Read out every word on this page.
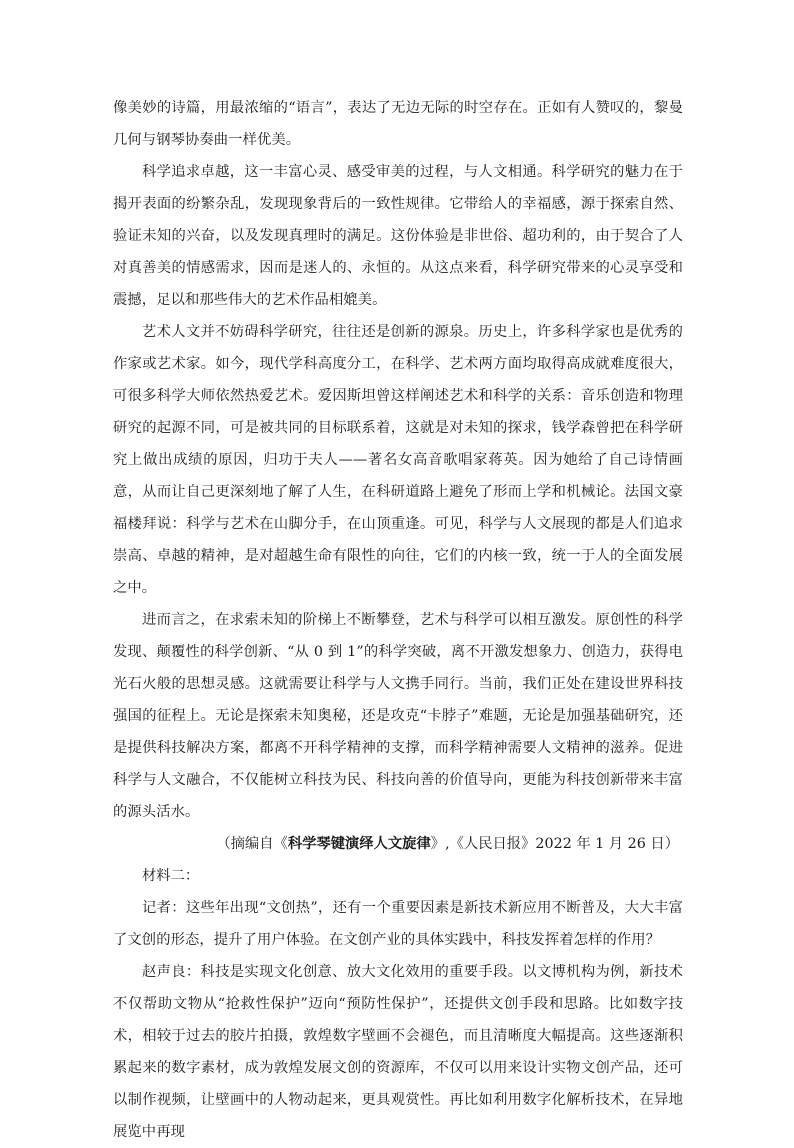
像美妙的诗篇，用最浓缩的“语言”，表达了无边无际的时空存在。正如有人赞叹的，黎曼几何与钢琴协奏曲一样优美。

科学追求卓越，这一丰富心灵、感受审美的过程，与人文相通。科学研究的魅力在于揭开表面的纷繁杂乱，发现现象背后的一致性规律。它带给人的幸福感，源于探索自然、验证未知的兴奋，以及发现真理时的满足。这份体验是非世俗、超功利的，由于契合了人对真善美的情感需求，因而是迷人的、永恒的。从这点来看，科学研究带来的心灵享受和震撼，足以和那些伟大的艺术作品相媲美。

艺术人文并不妨碍科学研究，往往还是创新的源泉。历史上，许多科学家也是优秀的作家或艺术家。如今，现代学科高度分工，在科学、艺术两方面均取得高成就难度很大，可很多科学大师依然热爱艺术。爱因斯坦曾这样阐述艺术和科学的关系：音乐创造和物理研究的起源不同，可是被共同的目标联系着，这就是对未知的探求，钱学森曾把在科学研究上做出成绩的原因，归功于夫人——著名女高音歌唱家蒋英。因为她给了自己诗情画意，从而让自己更深刻地了解了人生，在科研道路上避免了形而上学和机械论。法国文豪福楼拜说：科学与艺术在山脚分手，在山顶重逢。可见，科学与人文展现的都是人们追求崇高、卓越的精神，是对超越生命有限性的向往，它们的内核一致，统一于人的全面发展之中。

进而言之，在求索未知的阶梯上不断攀登，艺术与科学可以相互激发。原创性的科学发现、颠覆性的科学创新、“从 0 到 1”的科学突破，离不开激发想象力、创造力，获得电光石火般的思想灵感。这就需要让科学与人文携手同行。当前，我们正处在建设世界科技强国的征程上。无论是探索未知奥秘，还是攻克“卡脖子”难题，无论是加强基础研究，还是提供科技解决方案，都离不开科学精神的支撑，而科学精神需要人文精神的滋养。促进科学与人文融合，不仅能树立科技为民、科技向善的价值导向，更能为科技创新带来丰富的源头活水。

（摘编自《科学琴键演绎人文旋律》,《人民日报》2022 年 1 月 26 日）

材料二：

记者：这些年出现“文创热”，还有一个重要因素是新技术新应用不断普及，大大丰富了文创的形态，提升了用户体验。在文创产业的具体实践中，科技发挥着怎样的作用？

赵声良：科技是实现文化创意、放大文化效用的重要手段。以文博机构为例，新技术不仅帮助文物从“抢救性保护”迈向“预防性保护”，还提供文创手段和思路。比如数字技术，相较于过去的胶片拍摄，敦煌数字壁画不会褪色，而且清晰度大幅提高。这些逐渐积累起来的数字素材，成为敦煌发展文创的资源库，不仅可以用来设计实物文创产品，还可以制作视频，让壁画中的人物动起来，更具观赏性。再比如利用数字化解析技术，在异地展览中再现
